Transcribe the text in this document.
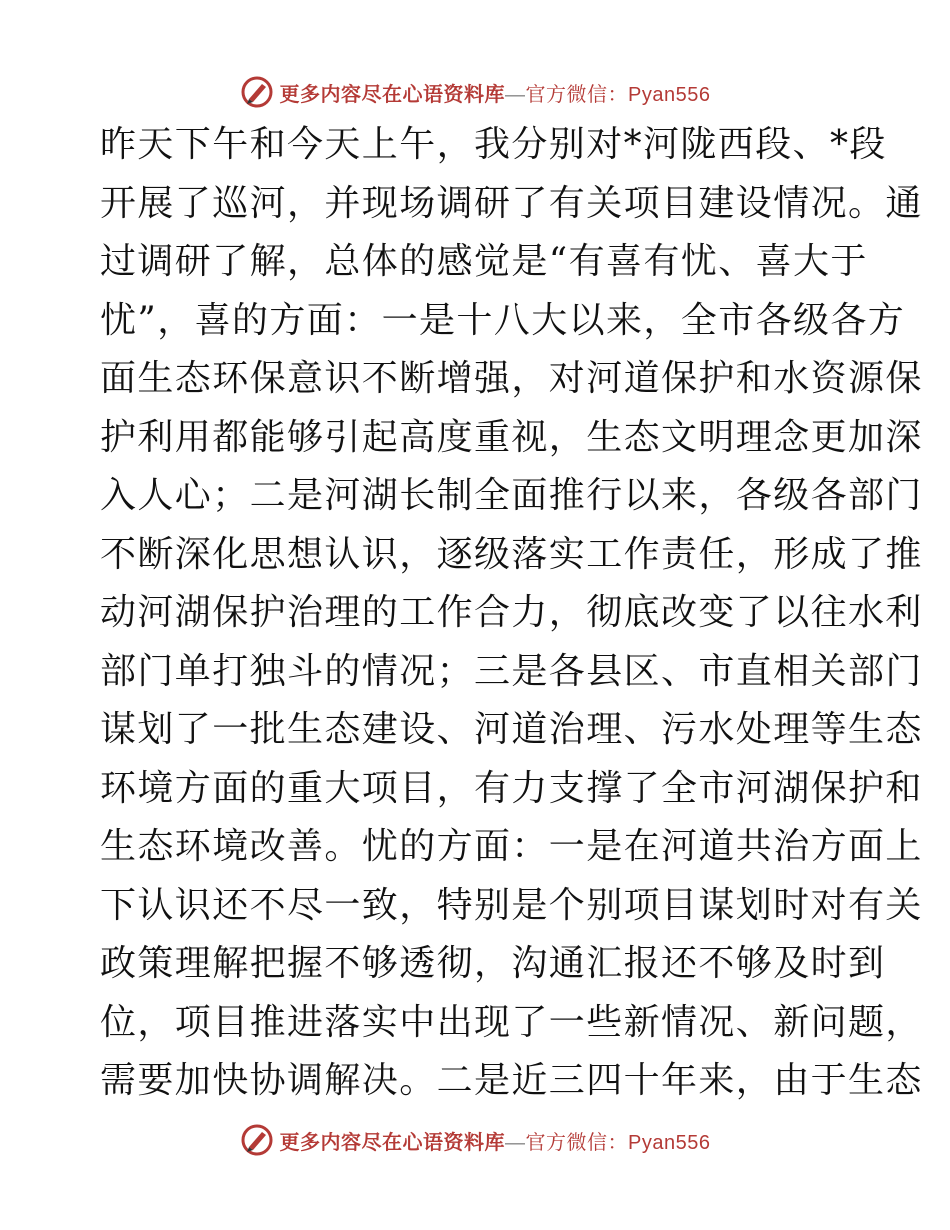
更多内容尽在心语资料库—官方微信：Pyan556
昨天下午和今天上午，我分别对*河陇西段、*段
开展了巡河，并现场调研了有关项目建设情况。通
过调研了解，总体的感觉是“有喜有忧、喜大于
忧”，喜的方面：一是十八大以来，全市各级各方
面生态环保意识不断增强，对河道保护和水资源保
护利用都能够引起高度重视，生态文明理念更加深
入人心；二是河湖长制全面推行以来，各级各部门
不断深化思想认识，逐级落实工作责任，形成了推
动河湖保护治理的工作合力，彻底改变了以往水利
部门单打独斗的情况；三是各县区、市直相关部门
谋划了一批生态建设、河道治理、污水处理等生态
环境方面的重大项目，有力支撑了全市河湖保护和
生态环境改善。忧的方面：一是在河道共治方面上
下认识还不尽一致，特别是个别项目谋划时对有关
政策理解把握不够透彻，沟通汇报还不够及时到
位，项目推进落实中出现了一些新情况、新问题，
需要加快协调解决。二是近三四十年来，由于生态
更多内容尽在心语资料库—官方微信：Pyan556
